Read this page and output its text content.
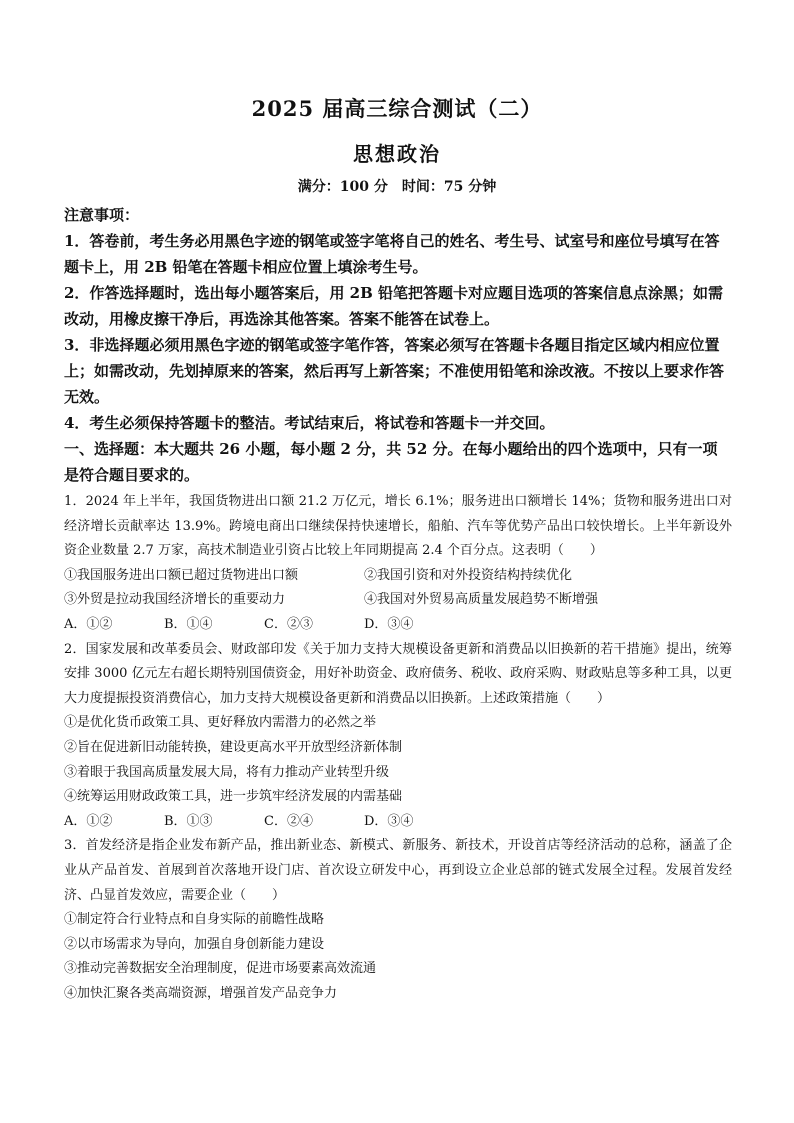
2025 届高三综合测试（二）
思想政治
满分：100 分　时间：75 分钟
注意事项：
1．答卷前，考生务必用黑色字迹的钢笔或签字笔将自己的姓名、考生号、试室号和座位号填写在答题卡上，用 2B 铅笔在答题卡相应位置上填涂考生号。
2．作答选择题时，选出每小题答案后，用 2B 铅笔把答题卡对应题目选项的答案信息点涂黑；如需改动，用橡皮擦干净后，再选涂其他答案。答案不能答在试卷上。
3．非选择题必须用黑色字迹的钢笔或签字笔作答，答案必须写在答题卡各题目指定区域内相应位置上；如需改动，先划掉原来的答案，然后再写上新答案；不准使用铅笔和涂改液。不按以上要求作答无效。
4．考生必须保持答题卡的整洁。考试结束后，将试卷和答题卡一并交回。
一、选择题：本大题共 26 小题，每小题 2 分，共 52 分。在每小题给出的四个选项中，只有一项是符合题目要求的。
1．2024 年上半年，我国货物进出口额 21.2 万亿元，增长 6.1%；服务进出口额增长 14%；货物和服务进出口对经济增长贡献率达 13.9%。跨境电商出口继续保持快速增长，船舶、汽车等优势产品出口较快增长。上半年新设外资企业数量 2.7 万家，高技术制造业引资占比较上年同期提高 2.4 个百分点。这表明（　　）
①我国服务进出口额已超过货物进出口额	②我国引资和对外投资结构持续优化
③外贸是拉动我国经济增长的重要动力	④我国对外贸易高质量发展趋势不断增强
A．①②	B．①④	C．②③	D．③④
2．国家发展和改革委员会、财政部印发《关于加力支持大规模设备更新和消费品以旧换新的若干措施》提出，统筹安排 3000 亿元左右超长期特别国债资金，用好补助资金、政府债务、税收、政府采购、财政贴息等多种工具，以更大力度提振投资消费信心，加力支持大规模设备更新和消费品以旧换新。上述政策措施（　　）
①是优化货币政策工具、更好释放内需潜力的必然之举
②旨在促进新旧动能转换，建设更高水平开放型经济新体制
③着眼于我国高质量发展大局，将有力推动产业转型升级
④统筹运用财政政策工具，进一步筑牢经济发展的内需基础
A．①②	B．①③	C．②④	D．③④
3．首发经济是指企业发布新产品，推出新业态、新模式、新服务、新技术，开设首店等经济活动的总称，涵盖了企业从产品首发、首展到首次落地开设门店、首次设立研发中心，再到设立企业总部的链式发展全过程。发展首发经济、凸显首发效应，需要企业（　　）
①制定符合行业特点和自身实际的前瞻性战略
②以市场需求为导向，加强自身创新能力建设
③推动完善数据安全治理制度，促进市场要素高效流通
④加快汇聚各类高端资源，增强首发产品竞争力
